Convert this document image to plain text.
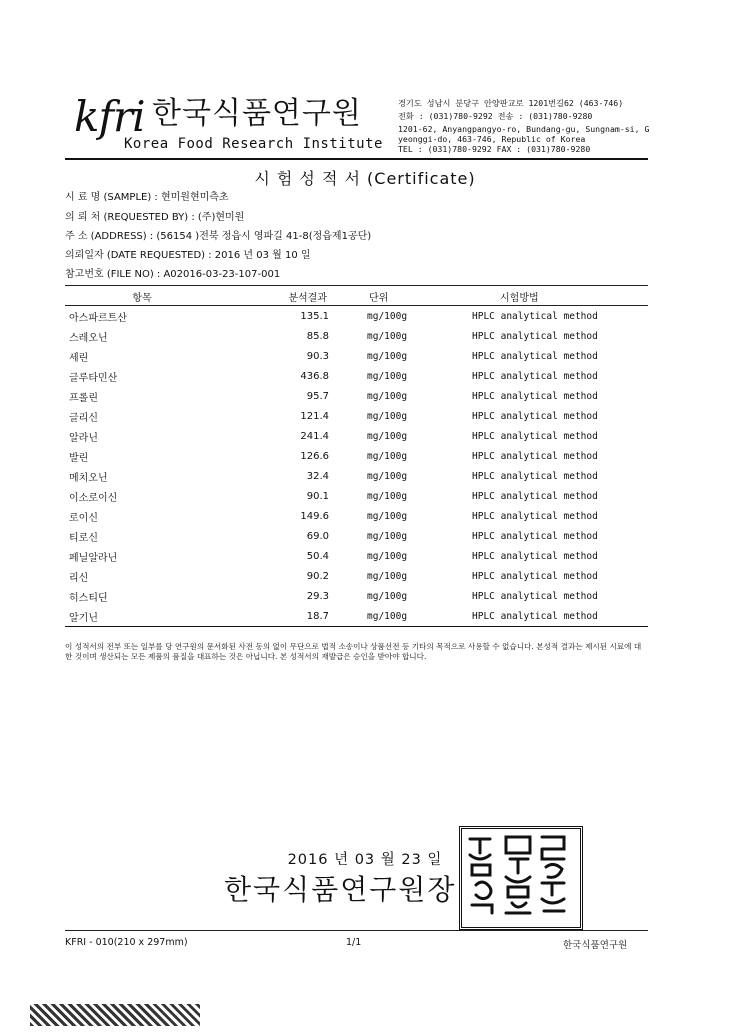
kfri 한국식품연구원
Korea Food Research Institute
경기도 성남시 분당구 안양판교로 1201번길62 (463-746)
전화 : (031)780-9292 전송 : (031)780-9280
1201-62, Anyangpangyo-ro, Bundang-gu, Sungnam-si, G
yeonggi-do, 463-746, Republic of Korea
TEL : (031)780-9292 FAX : (031)780-9280
시 험 성 적 서 (Certificate)
시 료 명 (SAMPLE) : 현미원현미측초
의 뢰 처 (REQUESTED BY) : (주)현미원
주 소 (ADDRESS) : (56154 )전북 정읍시 영파길 41-8(정읍제1공단)
의뢰일자 (DATE REQUESTED) : 2016 년 03 월 10 일
참고번호 (FILE NO) : A02016-03-23-107-001
항목	분석결과	단위	시험방법
아스파르트산	135.1	mg/100g	HPLC analytical method
스레오닌	85.8	mg/100g	HPLC analytical method
세린	90.3	mg/100g	HPLC analytical method
글루타민산	436.8	mg/100g	HPLC analytical method
프롤린	95.7	mg/100g	HPLC analytical method
글리신	121.4	mg/100g	HPLC analytical method
알라닌	241.4	mg/100g	HPLC analytical method
발린	126.6	mg/100g	HPLC analytical method
메치오닌	32.4	mg/100g	HPLC analytical method
이소로이신	90.1	mg/100g	HPLC analytical method
로이신	149.6	mg/100g	HPLC analytical method
티로신	69.0	mg/100g	HPLC analytical method
페닐알라닌	50.4	mg/100g	HPLC analytical method
리신	90.2	mg/100g	HPLC analytical method
히스티딘	29.3	mg/100g	HPLC analytical method
알기닌	18.7	mg/100g	HPLC analytical method
이 성적서의 전부 또는 일부를 당 연구원의 문서화된 사전 동의 없이 무단으로 법적 소송이나 상품선전 등 기타의 목적으로 사용할 수 없습니다. 본성적 결과는 제시된 시료에 대한 것이며 생산되는 모든 제품의 품질을 대표하는 것은 아닙니다. 본 성적서의 재발급은 승인을 받아야 합니다.
2016 년 03 월 23 일
한국식품연구원장
KFRI - 010(210 x 297mm)	1/1	한국식품연구원
